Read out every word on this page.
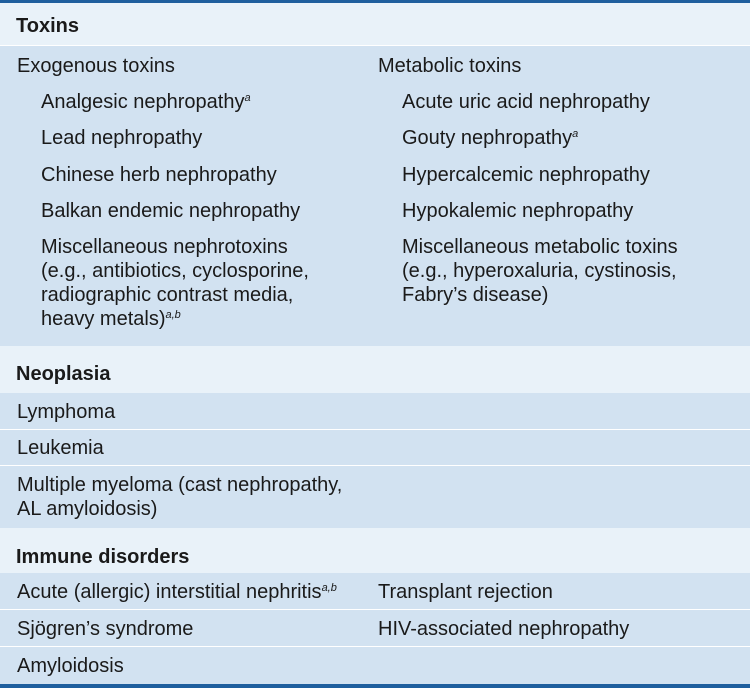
Toxins
Exogenous toxins
Analgesic nephropathy$^a$
Lead nephropathy
Chinese herb nephropathy
Balkan endemic nephropathy
Miscellaneous nephrotoxins
(e.g., antibiotics, cyclosporine,
radiographic contrast media,
heavy metals)$^{a,b}$
Metabolic toxins
Acute uric acid nephropathy
Gouty nephropathy$^a$
Hypercalcemic nephropathy
Hypokalemic nephropathy
Miscellaneous metabolic toxins
(e.g., hyperoxaluria, cystinosis,
Fabry’s disease)
Neoplasia
Lymphoma
Leukemia
Multiple myeloma (cast nephropathy,
AL amyloidosis)
Immune disorders
Acute (allergic) interstitial nephritis$^{a,b}$ Transplant rejection
Sjögren’s syndrome	HIV-associated nephropathy
Amyloidosis
